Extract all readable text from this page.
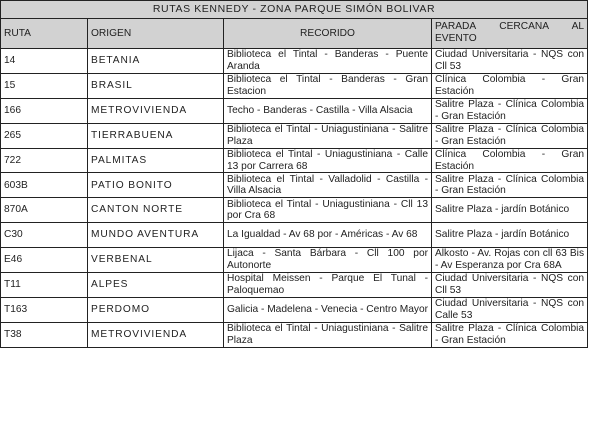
RUTAS KENNEDY - ZONA PARQUE SIMÓN BOLIVAR			
RUTA	ORIGEN	RECORIDO	PARADA CERCANA AL EVENTO
14	BETANIA	Biblioteca el Tintal - Banderas - Puente Aranda	Ciudad Universitaria - NQS con Cll 53
15	BRASIL	Biblioteca el Tintal - Banderas - Gran Estacion	Clínica Colombia - Gran Estación
166	METROVIVIENDA	Techo - Banderas - Castilla - Villa Alsacia	Salitre Plaza - Clínica Colombia - Gran Estación
265	TIERRABUENA	Biblioteca el Tintal - Uniagustiniana - Salitre Plaza	Salitre Plaza - Clínica Colombia - Gran Estación
722	PALMITAS	Biblioteca el Tintal - Uniagustiniana - Calle 13 por Carrera 68	Clínica Colombia - Gran Estación
603B	PATIO BONITO	Biblioteca el Tintal - Valladolid - Castilla - Villa Alsacia	Salitre Plaza - Clínica Colombia - Gran Estación
870A	CANTON NORTE	Biblioteca el Tintal - Uniagustiniana - Cll 13 por Cra 68	Salitre Plaza - jardín Botánico
C30	MUNDO AVENTURA	La Igualdad - Av 68 por - Américas - Av 68	Salitre Plaza - jardín Botánico
E46	VERBENAL	Lijaca - Santa Bárbara - Cll 100 por Autonorte	Alkosto - Av. Rojas con cll 63 Bis - Av Esperanza por Cra 68A
T11	ALPES	Hospital Meissen - Parque El Tunal - Paloquemao	Ciudad Universitaria - NQS con Cll 53
T163	PERDOMO	Galicia - Madelena - Venecia - Centro Mayor	Ciudad Universitaria - NQS con Calle 53
T38	METROVIVIENDA	Biblioteca el Tintal - Uniagustiniana - Salitre Plaza	Salitre Plaza - Clínica Colombia - Gran Estación
